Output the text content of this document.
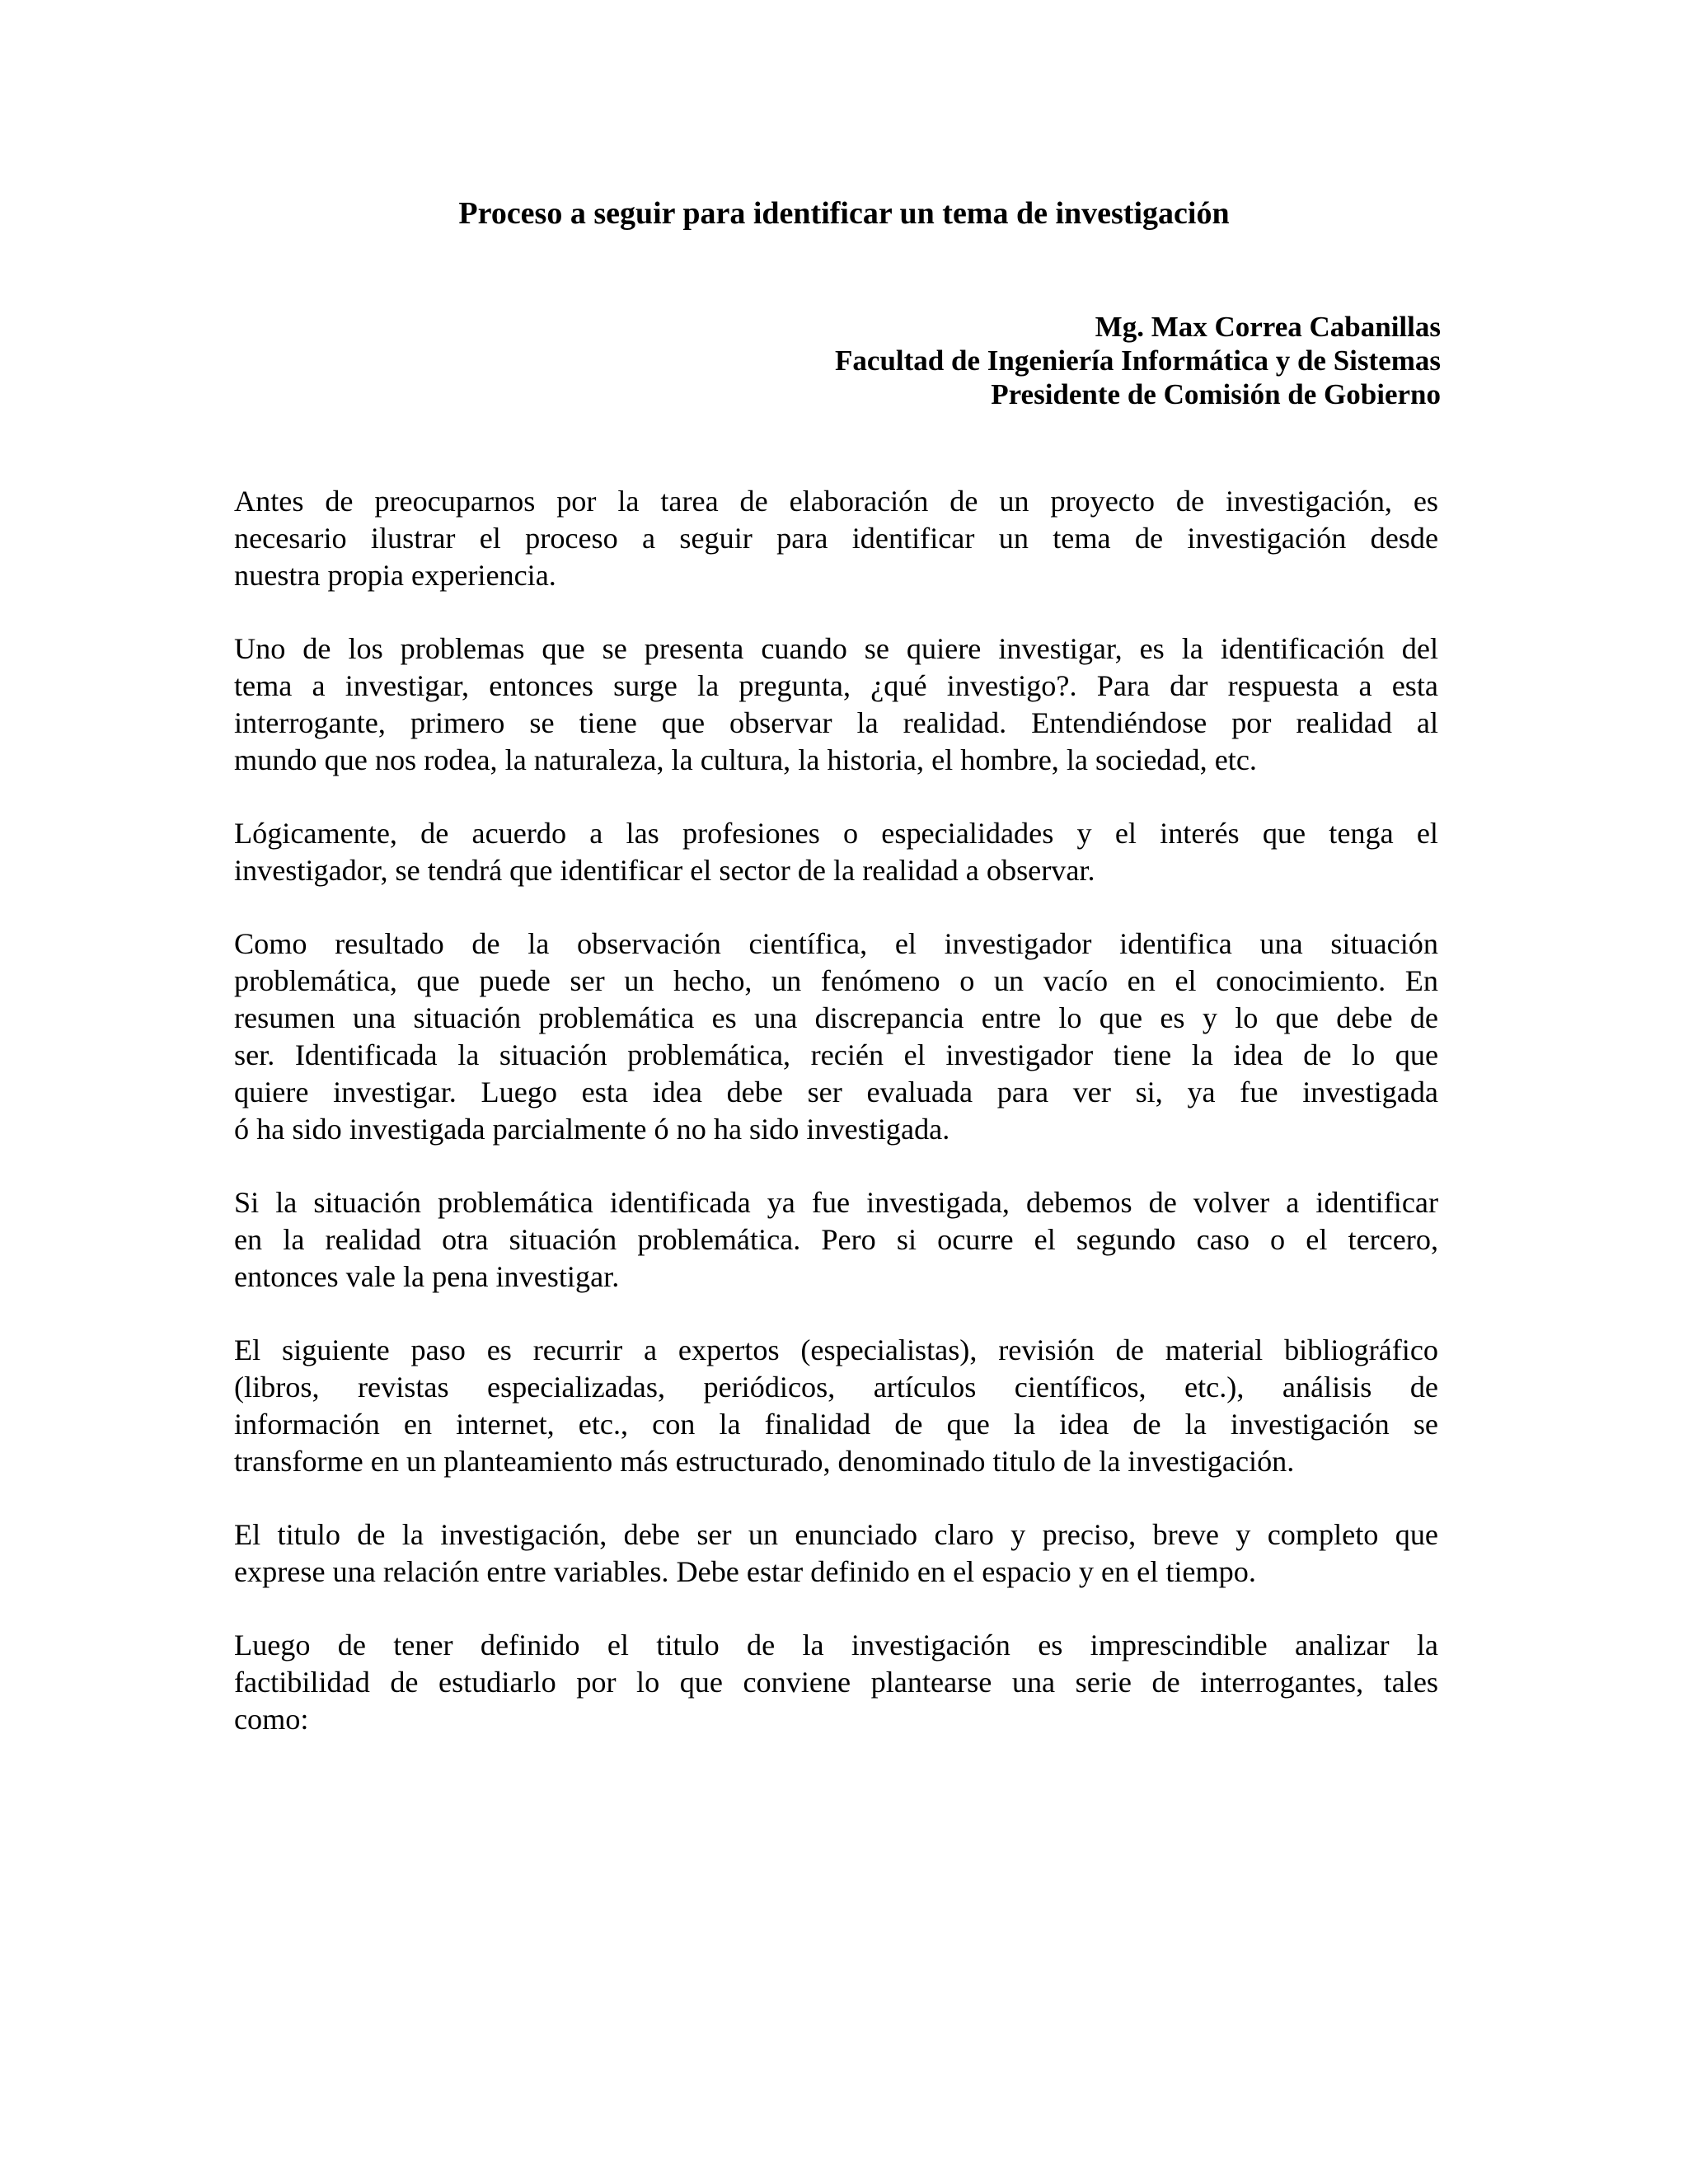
Proceso a seguir para identificar un tema de investigación
Mg. Max Correa Cabanillas
Facultad de Ingeniería Informática y de Sistemas
Presidente de Comisión de Gobierno

Antes de preocuparnos por la tarea de elaboración de un proyecto de investigación, es
necesario ilustrar el proceso a seguir para identificar un tema de investigación desde
nuestra propia experiencia.

Uno de los problemas que se presenta cuando se quiere investigar, es la identificación del
tema a investigar, entonces surge la pregunta, ¿qué investigo?. Para dar respuesta a esta
interrogante, primero se tiene que observar la realidad. Entendiéndose por realidad al
mundo que nos rodea, la naturaleza, la cultura, la historia, el hombre, la sociedad, etc.

Lógicamente, de acuerdo a las profesiones o especialidades y el interés que tenga el
investigador, se tendrá que identificar el sector de la realidad a observar.

Como resultado de la observación científica, el investigador identifica una situación
problemática, que puede ser un hecho, un fenómeno o un vacío en el conocimiento. En
resumen una situación problemática es una discrepancia entre lo que es y lo que debe de
ser. Identificada la situación problemática, recién el investigador tiene la idea de lo que
quiere investigar. Luego esta idea debe ser evaluada para ver si, ya fue investigada
ó ha sido investigada parcialmente ó no ha sido investigada.

Si la situación problemática identificada ya fue investigada, debemos de volver a identificar
en la realidad otra situación problemática. Pero si ocurre el segundo caso o el tercero,
entonces vale la pena investigar.

El siguiente paso es recurrir a expertos (especialistas), revisión de material bibliográfico
(libros, revistas especializadas, periódicos, artículos científicos, etc.), análisis de
información en internet, etc., con la finalidad de que la idea de la investigación se
transforme en un planteamiento más estructurado, denominado titulo de la investigación.

El titulo de la investigación, debe ser un enunciado claro y preciso, breve y completo que
exprese una relación entre variables. Debe estar definido en el espacio y en el tiempo.

Luego de tener definido el titulo de la investigación es imprescindible analizar la
factibilidad de estudiarlo por lo que conviene plantearse una serie de interrogantes, tales
como:
